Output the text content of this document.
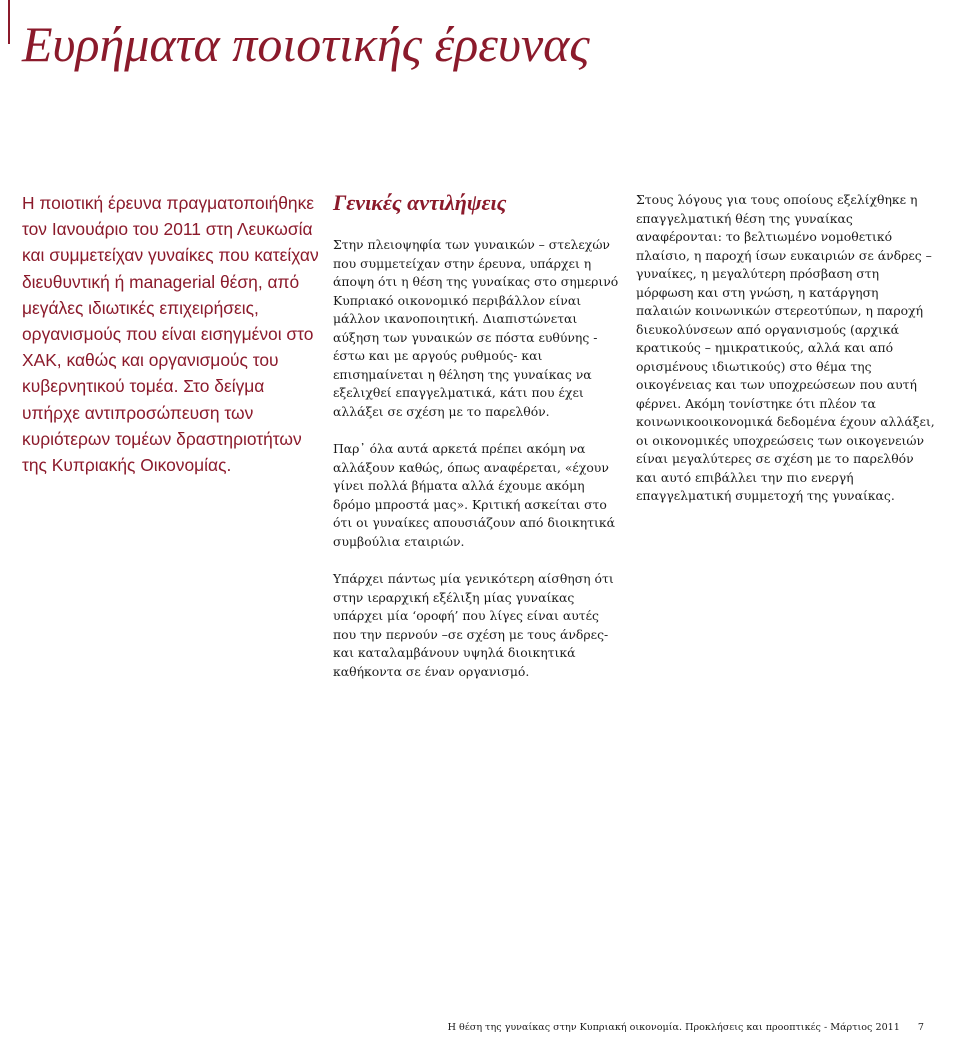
Ευρήματα ποιοτικής έρευνας

Η ποιοτική έρευνα πραγματοποιήθηκε τον Ιανουάριο του 2011 στη Λευκωσία και συμμετείχαν γυναίκες που κατείχαν διευθυντική ή managerial θέση, από μεγάλες ιδιωτικές επιχειρήσεις, οργανισμούς που είναι εισηγμένοι στο ΧΑΚ, καθώς και οργανισμούς του κυβερνητικού τομέα. Στο δείγμα υπήρχε αντιπροσώπευση των κυριότερων τομέων δραστηριοτήτων της Κυπριακής Οικονομίας.

Γενικές αντιλήψεις

Στην πλειοψηφία των γυναικών – στελεχών που συμμετείχαν στην έρευνα, υπάρχει η άποψη ότι η θέση της γυναίκας στο σημερινό Κυπριακό οικονομικό περιβάλλον είναι μάλλον ικανοποιητική. Διαπιστώνεται αύξηση των γυναικών σε πόστα ευθύνης - έστω και με αργούς ρυθμούς- και επισημαίνεται η θέληση της γυναίκας να εξελιχθεί επαγγελματικά, κάτι που έχει αλλάξει σε σχέση με το παρελθόν.

Παρ᾽ όλα αυτά αρκετά πρέπει ακόμη να αλλάξουν καθώς, όπως αναφέρεται, «έχουν γίνει πολλά βήματα αλλά έχουμε ακόμη δρόμο μπροστά μας». Κριτική ασκείται στο ότι οι γυναίκες απουσιάζουν από διοικητικά συμβούλια εταιριών.

Υπάρχει πάντως μία γενικότερη αίσθηση ότι στην ιεραρχική εξέλιξη μίας γυναίκας υπάρχει μία ‘οροφή’ που λίγες είναι αυτές που την περνούν –σε σχέση με τους άνδρες- και καταλαμβάνουν υψηλά διοικητικά καθήκοντα σε έναν οργανισμό.

Στους λόγους για τους οποίους εξελίχθηκε η επαγγελματική θέση της γυναίκας αναφέρονται: το βελτιωμένο νομοθετικό πλαίσιο, η παροχή ίσων ευκαιριών σε άνδρες – γυναίκες, η μεγαλύτερη πρόσβαση στη μόρφωση και στη γνώση, η κατάργηση παλαιών κοινωνικών στερεοτύπων, η παροχή διευκολύνσεων από οργανισμούς (αρχικά κρατικούς – ημικρατικούς, αλλά και από ορισμένους ιδιωτικούς) στο θέμα της οικογένειας και των υποχρεώσεων που αυτή φέρνει. Ακόμη τονίστηκε ότι πλέον τα κοινωνικοοικονομικά δεδομένα έχουν αλλάξει, οι οικονομικές υποχρεώσεις των οικογενειών είναι μεγαλύτερες σε σχέση με το παρελθόν και αυτό επιβάλλει την πιο ενεργή επαγγελματική συμμετοχή της γυναίκας.

Η θέση της γυναίκας στην Κυπριακή οικονομία. Προκλήσεις και προοπτικές - Μάρτιος 2011 7
